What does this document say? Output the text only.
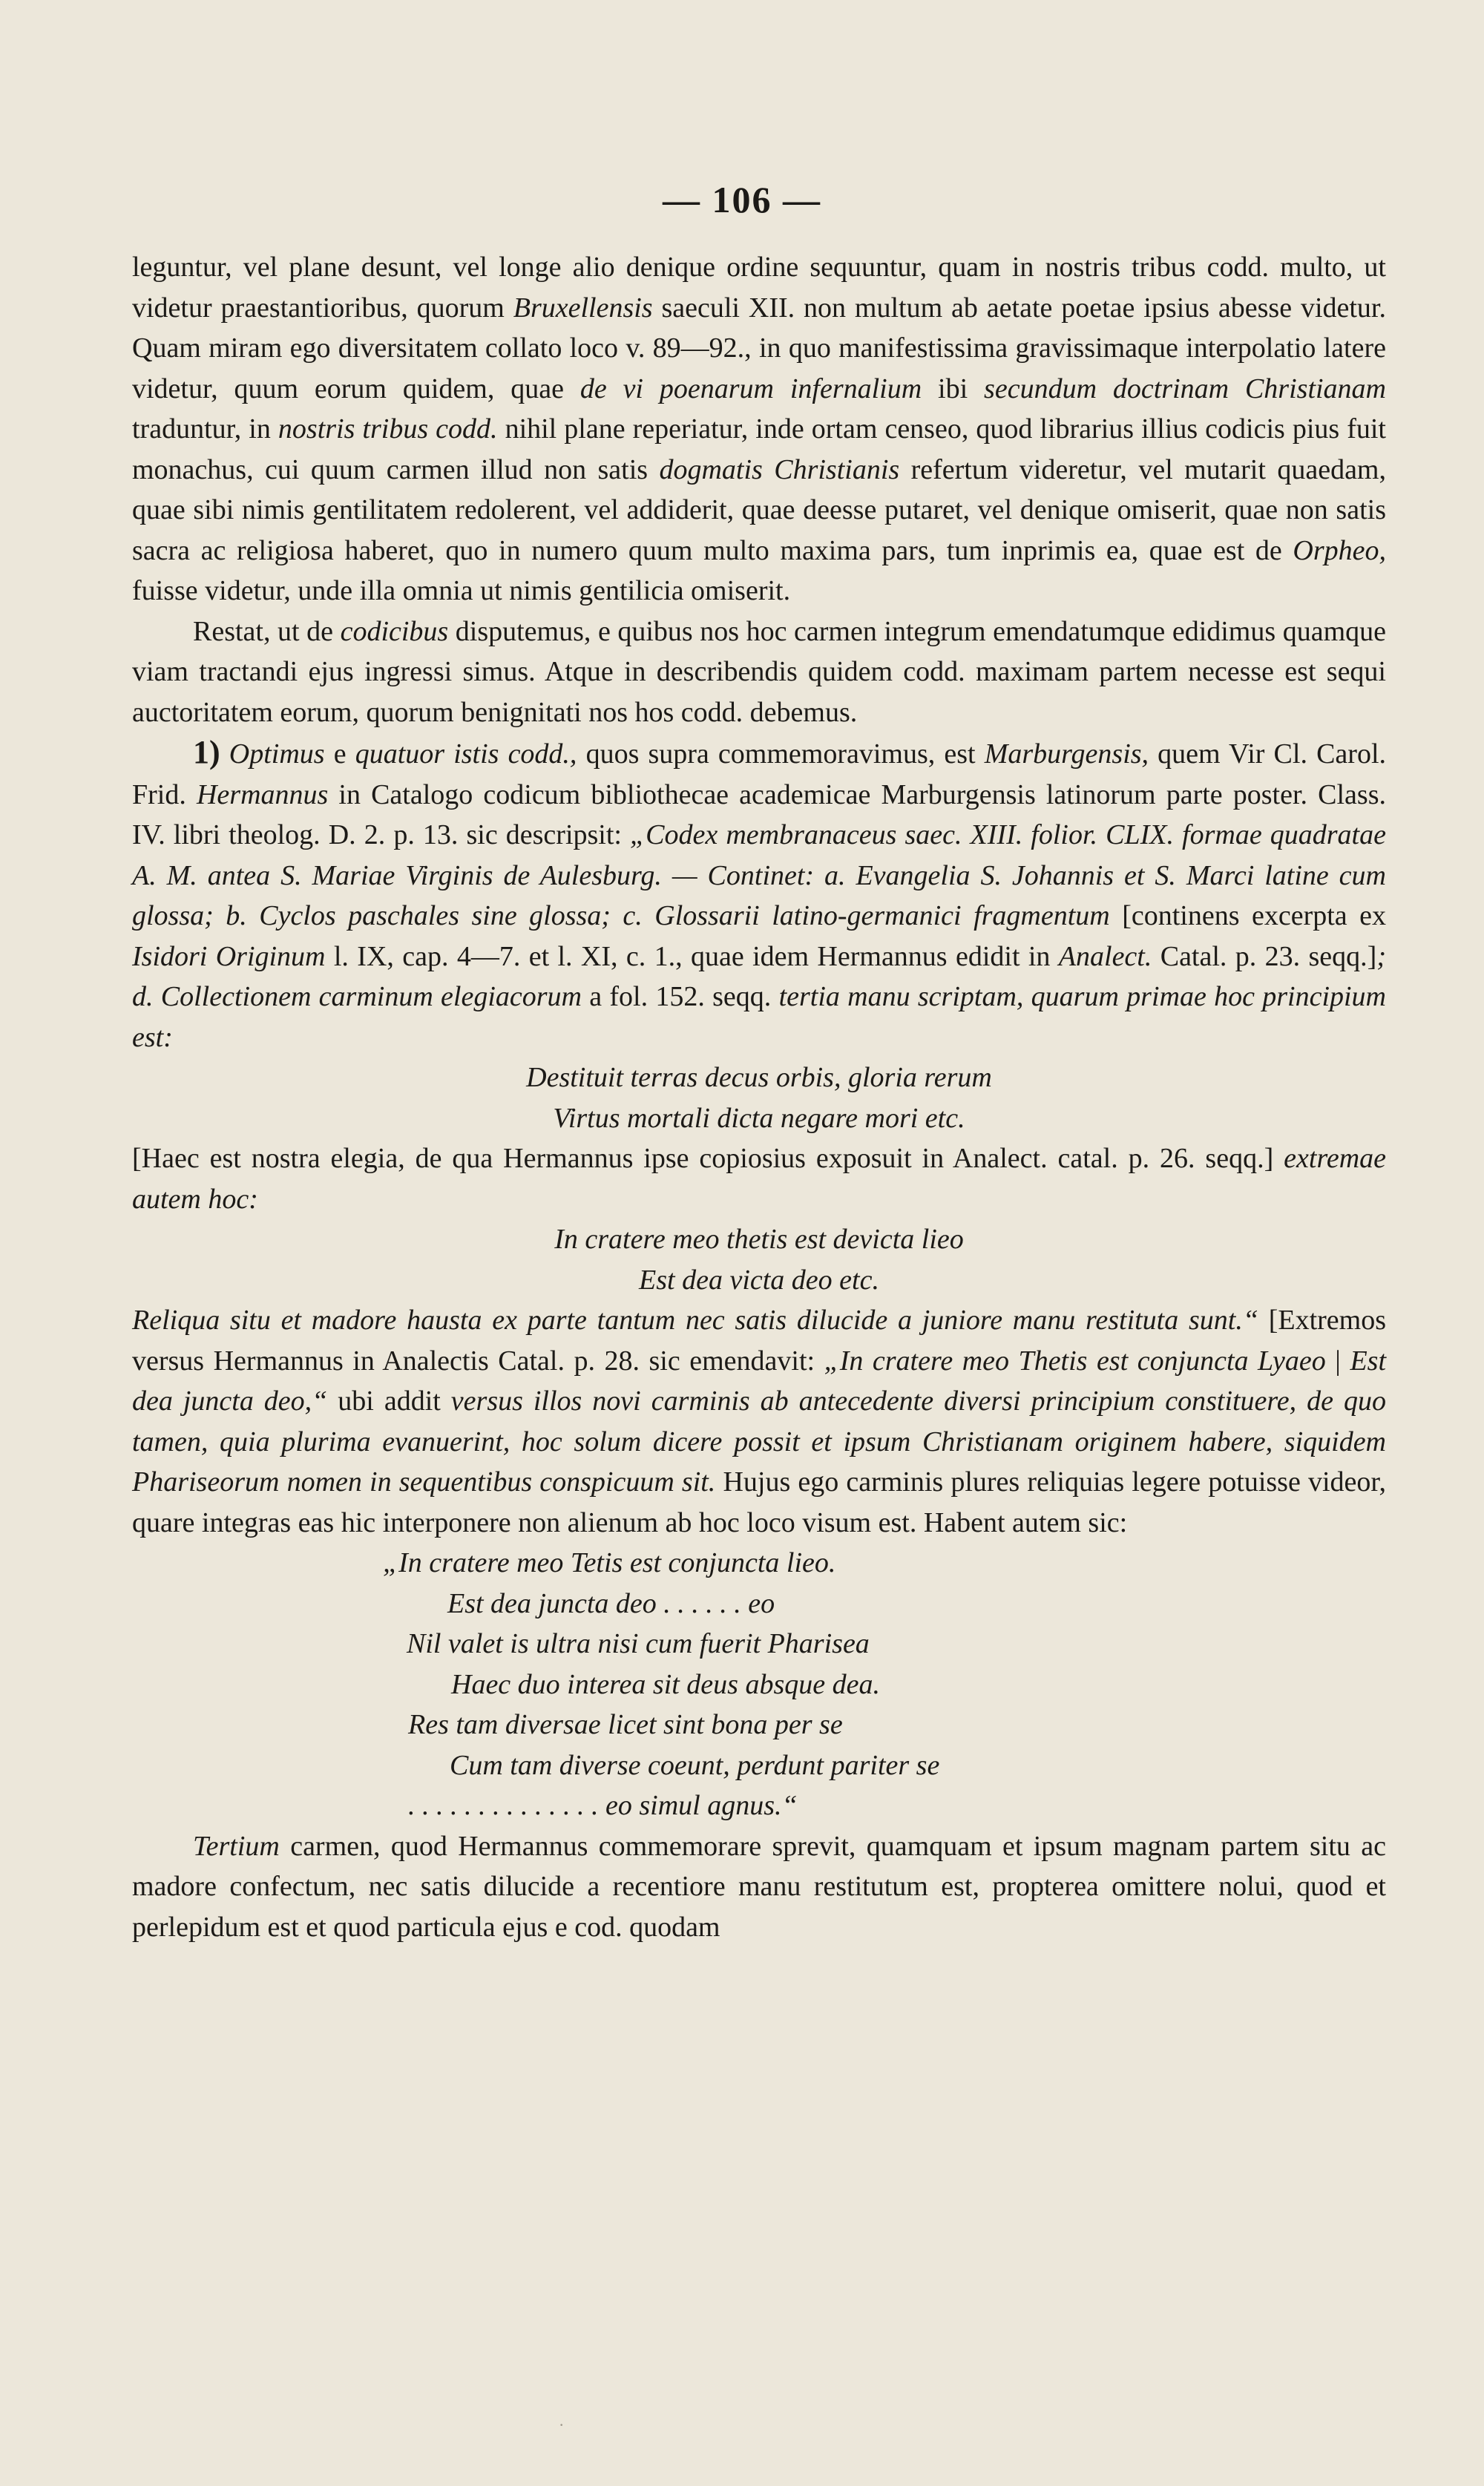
— 106 —

leguntur, vel plane desunt, vel longe alio denique ordine sequuntur, quam in nostris tribus codd. multo, ut videtur praestantioribus, quorum Bruxellensis saeculi XII. non multum ab aetate poetae ipsius abesse videtur. Quam miram ego diversitatem collato loco v. 89—92., in quo manifestissima gravissimaque interpolatio latere videtur, quum eorum quidem, quae de vi poenarum infernalium ibi secundum doctrinam Christianam traduntur, in nostris tribus codd. nihil plane reperiatur, inde ortam censeo, quod librarius illius codicis pius fuit monachus, cui quum carmen illud non satis dogmatis Christianis refertum videretur, vel mutarit quaedam, quae sibi nimis gentilitatem redolerent, vel addiderit, quae deesse putaret, vel denique omiserit, quae non satis sacra ac religiosa haberet, quo in numero quum multo maxima pars, tum inprimis ea, quae est de Orpheo, fuisse videtur, unde illa omnia ut nimis gentilicia omiserit.

Restat, ut de codicibus disputemus, e quibus nos hoc carmen integrum emendatumque edidimus quamque viam tractandi ejus ingressi simus. Atque in describendis quidem codd. maximam partem necesse est sequi auctoritatem eorum, quorum benignitati nos hos codd. debemus.

1) Optimus e quatuor istis codd., quos supra commemoravimus, est Marburgensis, quem Vir Cl. Carol. Frid. Hermannus in Catalogo codicum bibliothecae academicae Marburgensis latinorum parte poster. Class. IV. libri theolog. D. 2. p. 13. sic descripsit: „Codex membranaceus saec. XIII. folior. CLIX. formae quadratae A. M. antea S. Mariae Virginis de Aulesburg. — Continet: a. Evangelia S. Johannis et S. Marci latine cum glossa; b. Cyclos paschales sine glossa; c. Glossarii latino-germanici fragmentum [continens excerpta ex Isidori Originum l. IX, cap. 4—7. et l. XI, c. 1., quae idem Hermannus edidit in Analect. Catal. p. 23. seqq.]; d. Collectionem carminum elegiacorum a fol. 152. seqq. tertia manu scriptam, quarum primae hoc principium est:

Destituit terras decus orbis, gloria rerum

Virtus mortali dicta negare mori etc.

[Haec est nostra elegia, de qua Hermannus ipse copiosius exposuit in Analect. catal. p. 26. seqq.] extremae autem hoc:

In cratere meo thetis est devicta lieo

Est dea victa deo etc.

Reliqua situ et madore hausta ex parte tantum nec satis dilucide a juniore manu restituta sunt.“ [Extremos versus Hermannus in Analectis Catal. p. 28. sic emendavit: „In cratere meo Thetis est conjuncta Lyaeo | Est dea juncta deo,“ ubi addit versus illos novi carminis ab antecedente diversi principium constituere, de quo tamen, quia plurima evanuerint, hoc solum dicere possit et ipsum Christianam originem habere, siquidem Phariseorum nomen in sequentibus conspicuum sit. Hujus ego carminis plures reliquias legere potuisse videor, quare integras eas hic interponere non alienum ab hoc loco visum est. Habent autem sic:

„In cratere meo Tetis est conjuncta lieo.

Est dea juncta deo . . . . . . eo

Nil valet is ultra nisi cum fuerit Pharisea

Haec duo interea sit deus absque dea.

Res tam diversae licet sint bona per se

Cum tam diverse coeunt, perdunt pariter se

. . . . . . . . . . . . . . eo simul agnus.“

Tertium carmen, quod Hermannus commemorare sprevit, quamquam et ipsum magnam partem situ ac madore confectum, nec satis dilucide a recentiore manu restitutum est, propterea omittere nolui, quod et perlepidum est et quod particula ejus e cod. quodam

·
